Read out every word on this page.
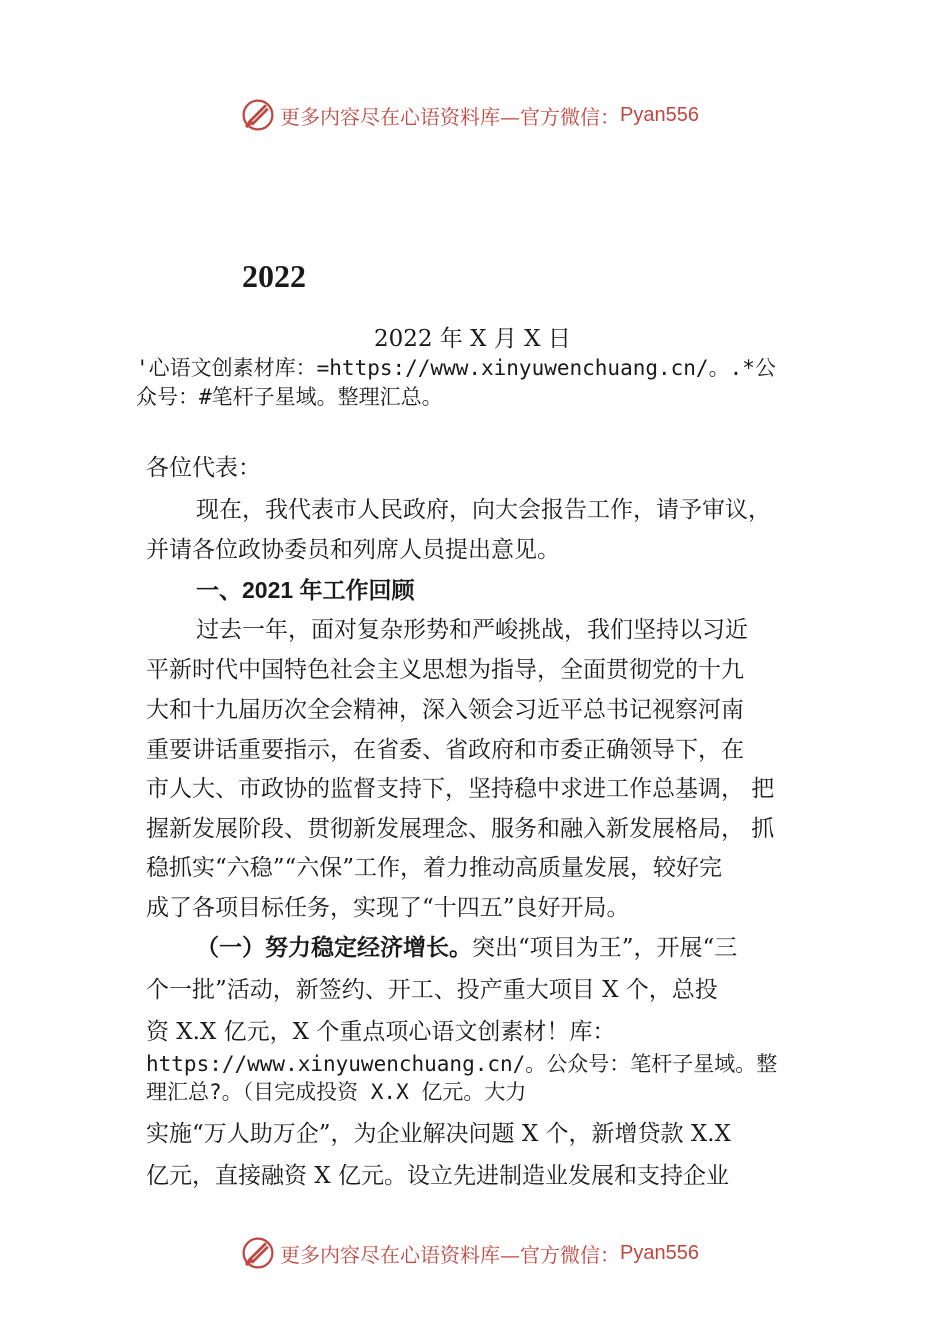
更多内容尽在心语资料库—官方微信： Pyan556
2022
2022 年 X 月 X 日
'心语文创素材库：=https://www.xinyuwenchuang.cn/。.*公
众号：#笔杆子星域。整理汇总。
各位代表：
现在，我代表市人民政府，向大会报告工作，请予审议，
并请各位政协委员和列席人员提出意见。
一、2021 年工作回顾
过去一年，面对复杂形势和严峻挑战，我们坚持以习近
平新时代中国特色社会主义思想为指导，全面贯彻党的十九
大和十九届历次全会精神，深入领会习近平总书记视察河南
重要讲话重要指示，在省委、省政府和市委正确领导下，在
市人大、市政协的监督支持下，坚持稳中求进工作总基调， 把
握新发展阶段、贯彻新发展理念、服务和融入新发展格局， 抓
稳抓实“六稳”“六保”工作，着力推动高质量发展，较好完
成了各项目标任务，实现了“十四五”良好开局。
（一）努力稳定经济增长。突出“项目为王”，开展“三
个一批”活动，新签约、开工、投产重大项目 X 个，总投
资 X.X 亿元，X 个重点项心语文创素材！库：
https://www.xinyuwenchuang.cn/。公众号：笔杆子星域。整
理汇总?。（目完成投资 X.X 亿元。大力
实施“万人助万企”，为企业解决问题 X 个，新增贷款 X.X
亿元，直接融资 X 亿元。设立先进制造业发展和支持企业
更多内容尽在心语资料库—官方微信： Pyan556
